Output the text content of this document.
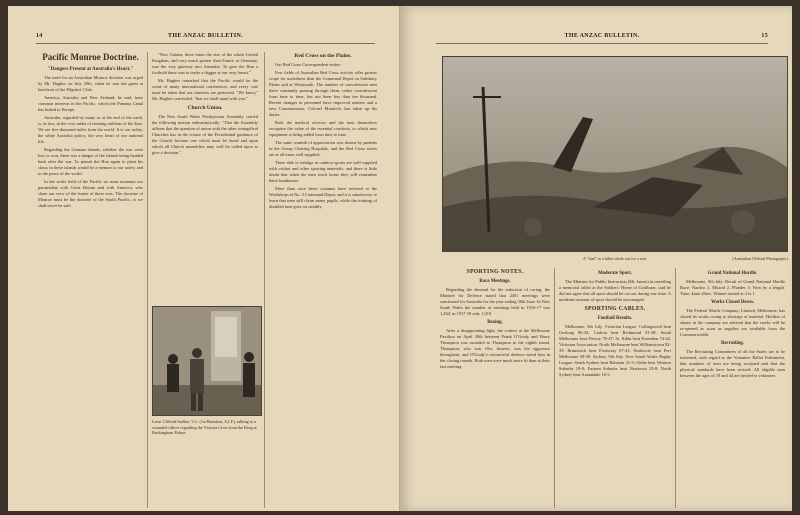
14	THE ANZAC BULLETIN.
Pacific Monroe Doctrine.
"Dangers Present at Australia's Heart."

The need for an Australian Monroe doctrine was urged by Mr. Hughes on July 29th, when he was the guest at luncheon of the Pilgrims' Club.

America, Australia and New Zealand, he said, have common interests in the Pacific, which the Panama Canal has linked to Europe.

Australia, regarded by many as at the end of the earth, is, in fact, in the very midst of teeming millions of the East. We are five thousand miles from the world. It is our safety, the white Australia policy, the very heart of our national life.

Regarding the German islands, whether the war were lost or won, there was a danger of the islands being handed back after the war. To permit the Hun again to plant his claws in these islands would be a menace to our safety and to the peace of the world.

In the wider field of the Pacific we must maintain our partnership with Great Britain and with America, who share our view of the future of these seas. The doctrine of Monroe must be the doctrine of the South Pacific, or we shall never be safe.

"New Guinea, three times the size of the whole United Kingdom, and very much greater than France or Germany, was the very gateway into Australia. To give the Hun a foothold there was to invite a dagger at our very breast."

Mr. Hughes remarked that the Pacific would be the scene of many international conferences, and every care must be taken that our interests are protected. "We know," Mr. Hughes concluded, "that we shall stand with you."

Church Union.

The New South Wales Presbyterian Assembly carried the following motion enthusiastically: "That the Assembly affirms that the question of union with the other evangelical Churches has in the course of the Presidential guidance of the Church become one which must be faced and upon which all Church assemblies may well be called upon to give a decision."

Lieut. Clifford Sadlier, V.C. (1st Battalion, A.I.F.), talking to a wounded officer regarding the Victoria Cross from the King at Buckingham Palace.
THE ANZAC BULLETIN.	15
A "dud" in a billet while out for a rest.	(Australian Official Photograph.)
SPORTING NOTES.
Race Meetings.

Regarding the demand for the reduction of racing, the Minister for Defence stated that 2401 meetings were sanctioned for Australia for the year ending 30th June. In New South Wales the number of meetings held in 1916-17 was 1,264, in 1917-18 only 1,010.

Boxing.

After a disappointing fight, the contest at the Melbourne Pavilion on April 30th between Frank O'Grady and Harry Thompson was awarded to Thompson in the eighth round. Thompson, who was 10st. heavier, was the aggressor throughout, and O'Grady's resourceful defence saved him in the closing rounds. Both men were much more fit than at their last meeting.

Moderate Sport.

The Minister for Public Instruction (Mr. James) in unveiling a memorial tablet at the Soldiers' Home of Goulburn, said he did not agree that all sport should be cut out during war time. A moderate amount of sport should be encouraged.

SPORTING CABLES.
Football Results.

Melbourne, 9th July. Victorian League: Collingwood beat Geelong 86-32; Carlton beat Richmond 91-38; South Melbourne beat Fitzroy 76-47; St. Kilda beat Essendon 74-42. Victorian Association: North Melbourne beat Williamstown 82-39; Brunswick beat Footscray 67-41; Northcote beat Port Melbourne 58-50. Sydney, 9th July. New South Wales Rugby League: South Sydney beat Balmain 21-5; Glebe beat Western Suburbs 18-8; Eastern Suburbs beat Newtown 23-8; North Sydney beat Annandale 16-3.

Grand National Hurdle.

Melbourne, 9th July. Result of Grand National Hurdle Race: Nardoo 1, Mistral 2, Plunder 3. Won by a length. Time, 4min 49sec. Winner started at 4 to 1.

Works Closed Down.

The Federal Match Company, Limited, Melbourne, has closed its works owing to shortage of material. Holders of shares in the company are advised that the works will be re-opened as soon as supplies are available from the Commonwealth.

Recruiting.

The Recruiting Committees of all the States are to be informed, with regard to the Volunteer Ballot Enlistment, that numbers of men are being accepted and that the physical standards have been revised. All eligible men between the ages of 18 and 44 are invited to volunteer.

Red Cross on the Plains.

Our Red Cross Correspondent writes:

Few fields of Australian Red Cross activity offer greater scope for usefulness than the Command Depot on Salisbury Plains and at Weymouth. The number of convalescent men there constantly passing through them, rather convalescent from time to time, has not been less than ten thousand. Recent changes in personnel have improved matters and a new Commissioner, Colonel Murdoch, has taken up his duties.

Both the medical services and the men themselves recognise the value of the essential comforts, to which new equipment is being added from time to time.

The same warmth of appreciation was shown by patients in the Group Clearing Hospitals, and the Red Cross stores are at all times well supplied.

There able to indulge in outdoor sports are well supplied with cricket and other sporting materials, and there is little doubt that when the men reach home they will remember these kindnesses.

More than once these columns have referred to the Workshops at No. 3 Command Depot, and it is satisfactory to learn that men still claim many pupils, while the training of disabled men goes on steadily.
